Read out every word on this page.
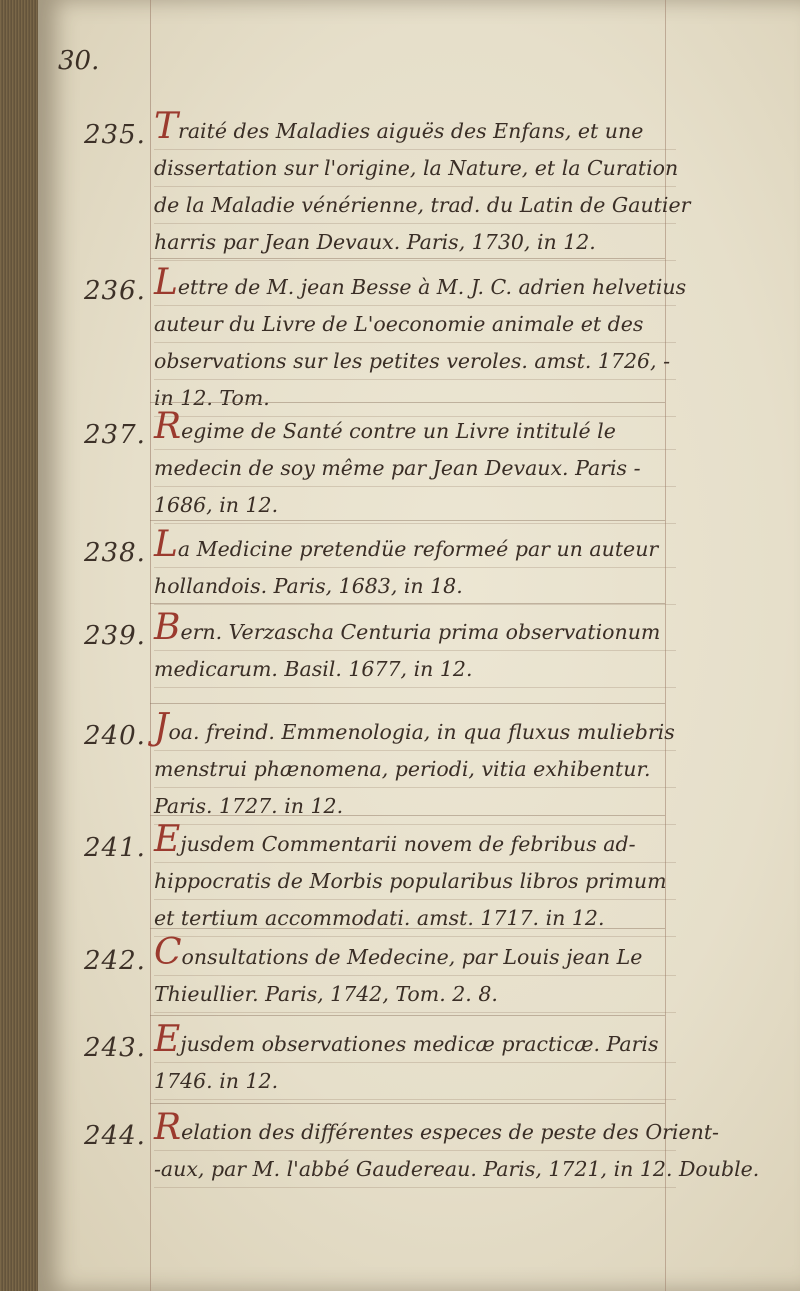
30.
235. Traité des Maladies aiguës des Enfans, et une
dissertation sur l'origine, la Nature, et la Curation
de la Maladie vénérienne, trad. du Latin de Gautier
harris par Jean Devaux. Paris, 1730, in 12.
236. Lettre de M. jean Besse à M. J. C. adrien helvetius
auteur du Livre de L'oeconomie animale et des
observations sur les petites veroles. amst. 1726, -
in 12. Tom.
237. Regime de Santé contre un Livre intitulé le
medecin de soy même par Jean Devaux. Paris -
1686, in 12.
238. La Medicine pretendüe reformeé par un auteur
hollandois. Paris, 1683, in 18.
239. Bern. Verzascha Centuria prima observationum
medicarum. Basil. 1677, in 12.
240. Joa. freind. Emmenologia, in qua fluxus muliebris
menstrui phænomena, periodi, vitia exhibentur.
Paris. 1727. in 12.
241. Ejusdem Commentarii novem de febribus ad-
hippocratis de Morbis popularibus libros primum
et tertium accommodati. amst. 1717. in 12.
242. Consultations de Medecine, par Louis jean Le
Thieullier. Paris, 1742, Tom. 2. 8.
243. Ejusdem observationes medicæ practicæ. Paris
1746. in 12.
244. Relation des différentes especes de peste des Orient-
-aux, par M. l'abbé Gaudereau. Paris, 1721, in 12. Double.
